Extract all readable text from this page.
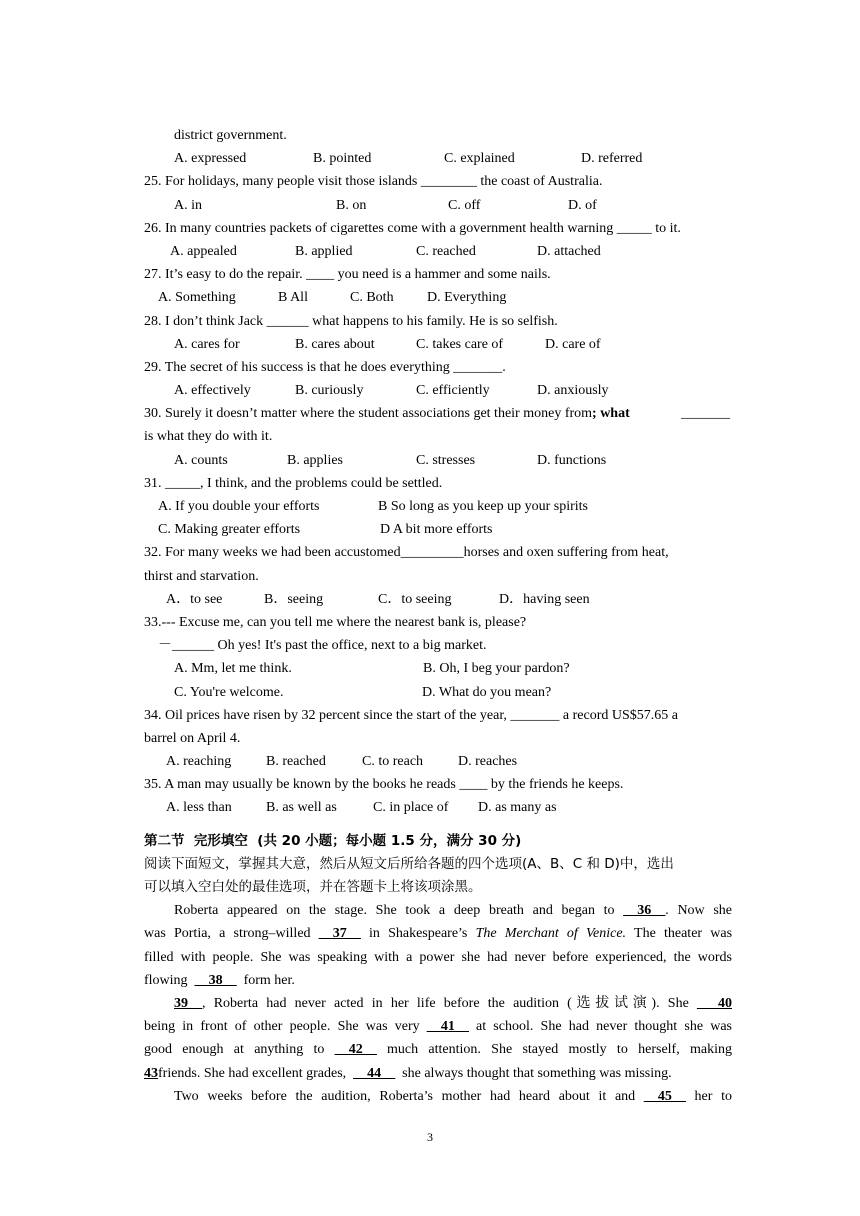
district government.

A. expressed

	B. pointed

	C. explained

	D. referred

25. For holidays, many people visit those islands ________ the coast of Australia.

A. in

	B. on

	C. off

	D. of

26. In many countries packets of cigarettes come with a government health warning _____ to it.

A. appealed

	B. applied

	C. reached

	D. attached

27. It’s easy to do the repair. ____ you need is a hammer and some nails.

A. Something

	B All

	C. Both

D. Everything

28. I don’t think Jack ______ what happens to his family. He is so selfish.

A. cares for

	B. cares about

	C. takes care of

	D. care of

29. The secret of his success is that he does everything _______.

A. effectively

	B. curiously

	C. efficiently

	D. anxiously

30. Surely it doesn’t matter where the student associations get their money from; what	_______
is what they do with it.

A. counts

	B. applies

	C. stresses

	D. functions

31. _____, I think, and the problems could be settled.

A. If you double your efforts

	B So long as you keep up your spirits

C. Making greater efforts

	D A bit more efforts

32. For many weeks we had been accustomed_________horses and oxen suffering from heat,
thirst and starvation.

A．to see

	B．seeing

	C．to seeing

	D．having seen

33.--- Excuse me, can you tell me where the nearest bank is, please?
－______ Oh yes! It's past the office, next to a big market.

A. Mm, let me think.

	B. Oh, I beg your pardon?

C. You're welcome.

	D. What do you mean?

34. Oil prices have risen by 32 percent since the start of the year, _______ a record US$57.65 a
barrel on April 4.

A. reaching

B. reached

	C. to reach

D. reaches

35. A man may usually be known by the books he reads ____ by the friends he keeps.

A. less than

B. as well as

	C. in place of

D. as many as

第二节  完形填空  (共 20 小题；每小题 1.5 分，满分 30 分)
阅读下面短文，掌握其大意，然后从短文后所给各题的四个选项(A、B、C 和 D)中，选出
可以填入空白处的最佳选项，并在答题卡上将该项涂黑。
Roberta appeared on the stage. She took a deep breath and began to __36__. Now she
was Portia, a strong–willed __37__ in Shakespeare’s The Merchant of Venice. The theater was
filled with people. She was speaking with a power she had never before experienced, the words
flowing __38__ form her.
39__, Roberta had never acted in her life before the audition (选拔试演). She ___40
being in front of other people. She was very __41__ at school. She had never thought she was
good enough at anything to __42__ much attention. She stayed mostly to herself, making
43friends. She had excellent grades, __44__ she always thought that something was missing.
Two weeks before the audition, Roberta’s mother had heard about it and __45__ her to
3
